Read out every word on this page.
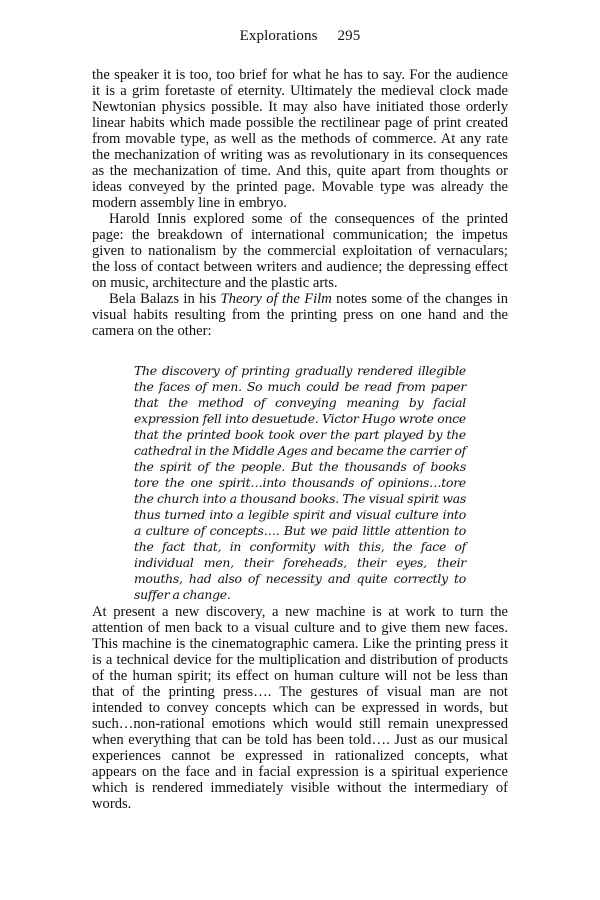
Explorations 295

the speaker it is too, too brief for what he has to say. For the audience it is a grim foretaste of eternity. Ultimately the medieval clock made Newtonian physics possible. It may also have initiated those orderly linear habits which made possible the rectilinear page of print created from movable type, as well as the methods of commerce. At any rate the mechanization of writing was as revolutionary in its consequences as the mechanization of time. And this, quite apart from thoughts or ideas conveyed by the printed page. Movable type was already the modern assembly line in embryo.

Harold Innis explored some of the consequences of the printed page: the breakdown of international communication; the impetus given to nationalism by the commercial exploitation of vernaculars; the loss of contact between writers and audience; the depressing effect on music, architecture and the plastic arts.

Bela Balazs in his Theory of the Film notes some of the changes in visual habits resulting from the printing press on one hand and the camera on the other:

The discovery of printing gradually rendered illegible the faces of men. So much could be read from paper that the method of conveying meaning by facial expression fell into desuetude. Victor Hugo wrote once that the printed book took over the part played by the cathedral in the Middle Ages and became the carrier of the spirit of the people. But the thousands of books tore the one spirit…into thousands of opinions…tore the church into a thousand books. The visual spirit was thus turned into a legible spirit and visual culture into a culture of concepts…. But we paid little attention to the fact that, in conformity with this, the face of individual men, their foreheads, their eyes, their mouths, had also of necessity and quite correctly to suffer a change.

At present a new discovery, a new machine is at work to turn the attention of men back to a visual culture and to give them new faces. This machine is the cinematographic camera. Like the printing press it is a technical device for the multiplication and distribution of products of the human spirit; its effect on human culture will not be less than that of the printing press…. The gestures of visual man are not intended to convey concepts which can be expressed in words, but such…non-rational emotions which would still remain unexpressed when everything that can be told has been told…. Just as our musical experiences cannot be expressed in rationalized concepts, what appears on the face and in facial expression is a spiritual experience which is rendered immediately visible without the intermediary of words.
